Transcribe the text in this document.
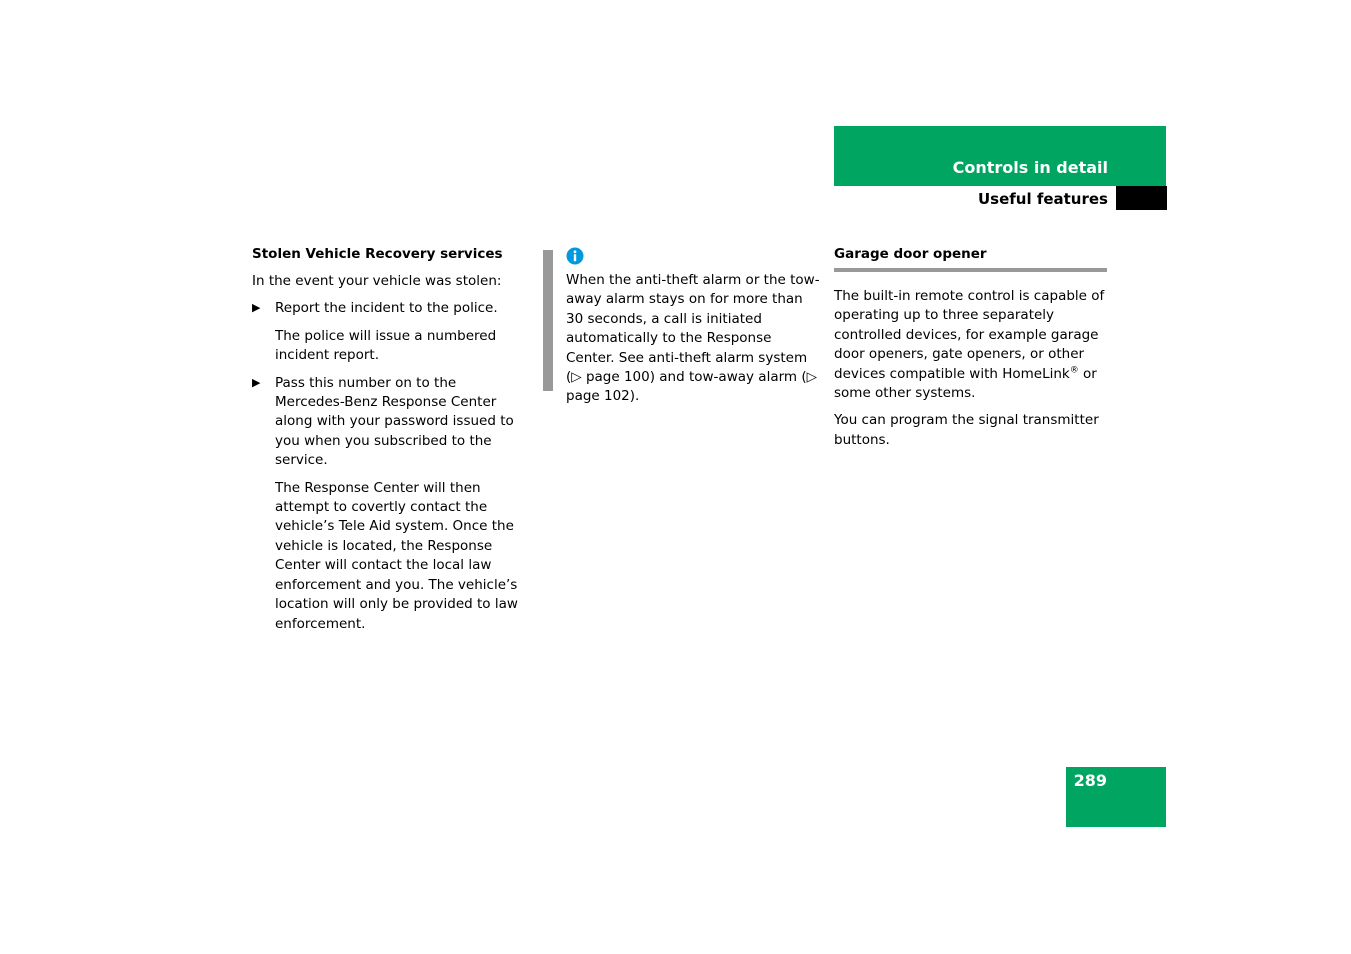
Controls in detail
Useful features

Stolen Vehicle Recovery services

In the event your vehicle was stolen:

▶	Report the incident to the police.

The police will issue a numbered incident report.

▶	Pass this number on to the Mercedes-Benz Response Center along with your password issued to you when you subscribed to the service.

The Response Center will then attempt to covertly contact the vehicle’s Tele Aid system. Once the vehicle is located, the Response Center will contact the local law enforcement and you. The vehicle’s location will only be provided to law enforcement.

When the anti-theft alarm or the tow-away alarm stays on for more than 30 seconds, a call is initiated automatically to the Response Center. See anti-theft alarm system (▷ page 100) and tow-away alarm (▷ page 102).

Garage door opener

The built-in remote control is capable of operating up to three separately controlled devices, for example garage door openers, gate openers, or other devices compatible with HomeLink® or some other systems.

You can program the signal transmitter buttons.

289
